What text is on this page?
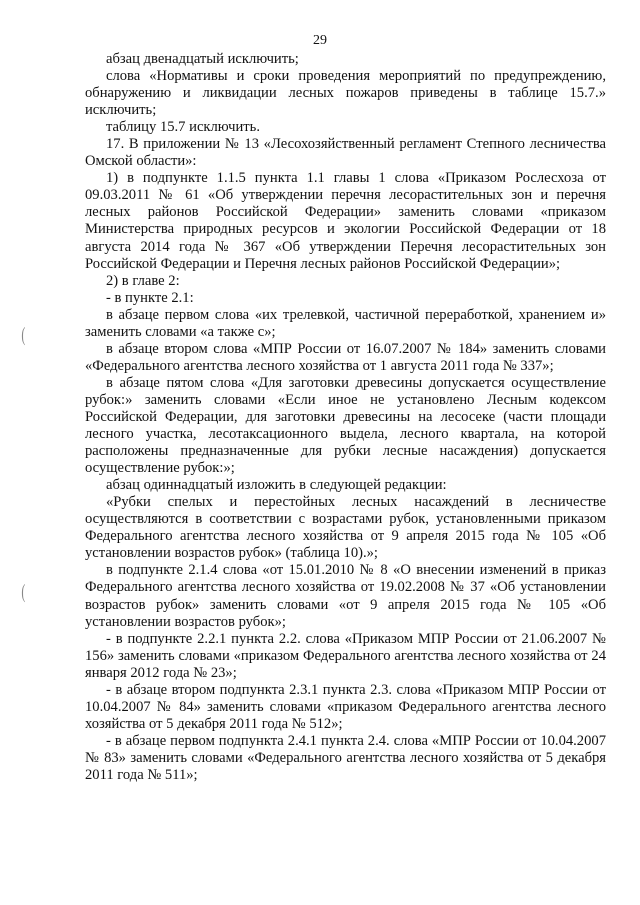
29
(
(

абзац двенадцатый исключить;

слова «Нормативы и сроки проведения мероприятий по предупреждению, обнаружению и ликвидации лесных пожаров приведены в таблице 15.7.» исключить;

таблицу 15.7 исключить.

17. В приложении № 13 «Лесохозяйственный регламент Степного лесничества Омской области»:

1) в подпункте 1.1.5 пункта 1.1 главы 1 слова «Приказом Рослесхоза от 09.03.2011 № 61 «Об утверждении перечня лесорастительных зон и перечня лесных районов Российской Федерации» заменить словами «приказом Министерства природных ресурсов и экологии Российской Федерации от 18 августа 2014 года № 367 «Об утверждении Перечня лесорастительных зон Российской Федерации и Перечня лесных районов Российской Федерации»;

2) в главе 2:

- в пункте 2.1:

в абзаце первом слова «их трелевкой, частичной переработкой, хранением и» заменить словами «а также с»;

в абзаце втором слова «МПР России от 16.07.2007 № 184» заменить словами «Федерального агентства лесного хозяйства от 1 августа 2011 года № 337»;

в абзаце пятом слова «Для заготовки древесины допускается осуществление рубок:» заменить словами «Если иное не установлено Лесным кодексом Российской Федерации, для заготовки древесины на лесосеке (части площади лесного участка, лесотаксационного выдела, лесного квартала, на которой расположены предназначенные для рубки лесные насаждения) допускается осуществление рубок:»;

абзац одиннадцатый изложить в следующей редакции:

«Рубки спелых и перестойных лесных насаждений в лесничестве осуществляются в соответствии с возрастами рубок, установленными приказом Федерального агентства лесного хозяйства от 9 апреля 2015 года № 105 «Об установлении возрастов рубок» (таблица 10).»;

в подпункте 2.1.4 слова «от 15.01.2010 № 8 «О внесении изменений в приказ Федерального агентства лесного хозяйства от 19.02.2008 № 37 «Об установлении возрастов рубок» заменить словами «от 9 апреля 2015 года № 105 «Об установлении возрастов рубок»;

- в подпункте 2.2.1 пункта 2.2. слова «Приказом МПР России от 21.06.2007 № 156» заменить словами «приказом Федерального агентства лесного хозяйства от 24 января 2012 года № 23»;

- в абзаце втором подпункта 2.3.1 пункта 2.3. слова «Приказом МПР России от 10.04.2007 № 84» заменить словами «приказом Федерального агентства лесного хозяйства от 5 декабря 2011 года № 512»;

- в абзаце первом подпункта 2.4.1 пункта 2.4. слова «МПР России от 10.04.2007 № 83» заменить словами «Федерального агентства лесного хозяйства от 5 декабря 2011 года № 511»;
